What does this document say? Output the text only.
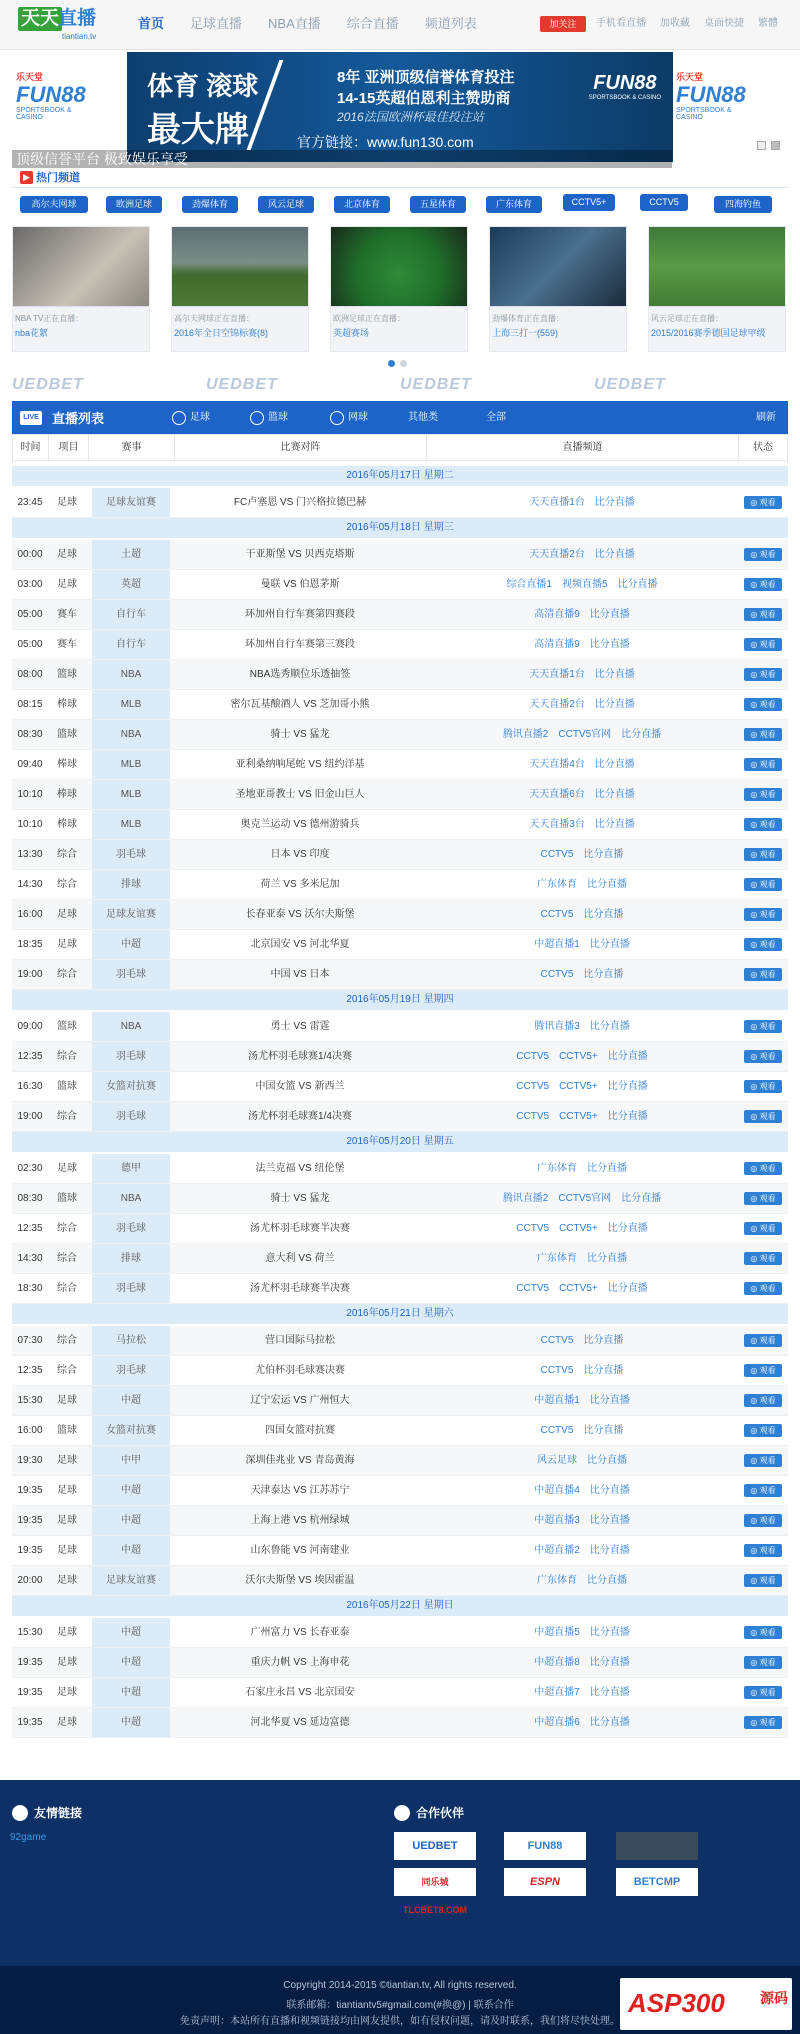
天天
直播
tiantian.tv
首页	足球直播	NBA直播	综合直播	频道列表	加关注	手机看直播 加收藏 桌面快捷 繁體
乐天堂
FUN88
SPORTSBOOK & CASINO
体育 滚球
最大牌
8年 亚洲顶级信誉体育投注
14-15英超伯恩利主赞助商
2016法国欧洲杯最佳投注站
官方链接：www.fun130.com
FUN88
SPORTSBOOK & CASINO
乐天堂
FUN88
SPORTSBOOK & CASINO
顶级信誉平台 极致娱乐享受
▶ 热门频道
高尔夫网球	欧洲足球	劲爆体育	风云足球	北京体育	五星体育	广东体育	CCTV5+	CCTV5	四海钓鱼
NBA TV正在直播：
nba花絮
高尔夫网球正在直播：
2016年全日空锦标赛(8)
欧洲足球正在直播：
英超赛场
劲爆体育正在直播：
上海三打一(559)
风云足球正在直播：
2015/2016赛季德国足球甲级
UEDBET	UEDBET	UEDBET	UEDBET
LIVE 直播列表	足球	篮球	网球	其他类	全部	刷新
时间	项目	赛事	比赛对阵	直播频道	状态
2016年05月17日 星期二
23:45	足球	足球友谊赛	FC卢塞恩 VS 门兴格拉德巴赫	天天直播1台 比分直播	◎ 观看
2016年05月18日 星期三
00:00	足球	土超	干亚斯堡 VS 贝西克塔斯	天天直播2台 比分直播	◎ 观看
03:00	足球	英超	曼联 VS 伯恩茅斯	综合直播1 视频直播5 比分直播	◎ 观看
05:00	赛车	自行车	环加州自行车赛第四赛段	高清直播9 比分直播	◎ 观看
05:00	赛车	自行车	环加州自行车赛第三赛段	高清直播9 比分直播	◎ 观看
08:00	篮球	NBA	NBA选秀顺位乐透抽签	天天直播1台 比分直播	◎ 观看
08:15	棒球	MLB	密尔瓦基酿酒人 VS 芝加哥小熊	天天直播2台 比分直播	◎ 观看
08:30	篮球	NBA	骑士 VS 猛龙	腾讯直播2 CCTV5官网 比分直播	◎ 观看
09:40	棒球	MLB	亚利桑纳响尾蛇 VS 纽约洋基	天天直播4台 比分直播	◎ 观看
10:10	棒球	MLB	圣地亚哥教士 VS 旧金山巨人	天天直播6台 比分直播	◎ 观看
10:10	棒球	MLB	奥克兰运动 VS 德州游骑兵	天天直播3台 比分直播	◎ 观看
13:30	综合	羽毛球	日本 VS 印度	CCTV5 比分直播	◎ 观看
14:30	综合	排球	荷兰 VS 多米尼加	广东体育 比分直播	◎ 观看
16:00	足球	足球友谊赛	长春亚泰 VS 沃尔夫斯堡	CCTV5 比分直播	◎ 观看
18:35	足球	中超	北京国安 VS 河北华夏	中超直播1 比分直播	◎ 观看
19:00	综合	羽毛球	中国 VS 日本	CCTV5 比分直播	◎ 观看
2016年05月19日 星期四
09:00	篮球	NBA	勇士 VS 雷霆	腾讯直播3 比分直播	◎ 观看
12:35	综合	羽毛球	汤尤杯羽毛球赛1/4决赛	CCTV5 CCTV5+ 比分直播	◎ 观看
16:30	篮球	女篮对抗赛	中国女篮 VS 新西兰	CCTV5 CCTV5+ 比分直播	◎ 观看
19:00	综合	羽毛球	汤尤杯羽毛球赛1/4决赛	CCTV5 CCTV5+ 比分直播	◎ 观看
2016年05月20日 星期五
02:30	足球	德甲	法兰克福 VS 纽伦堡	广东体育 比分直播	◎ 观看
08:30	篮球	NBA	骑士 VS 猛龙	腾讯直播2 CCTV5官网 比分直播	◎ 观看
12:35	综合	羽毛球	汤尤杯羽毛球赛半决赛	CCTV5 CCTV5+ 比分直播	◎ 观看
14:30	综合	排球	意大利 VS 荷兰	广东体育 比分直播	◎ 观看
18:30	综合	羽毛球	汤尤杯羽毛球赛半决赛	CCTV5 CCTV5+ 比分直播	◎ 观看
2016年05月21日 星期六
07:30	综合	马拉松	营口国际马拉松	CCTV5 比分直播	◎ 观看
12:35	综合	羽毛球	尤伯杯羽毛球赛决赛	CCTV5 比分直播	◎ 观看
15:30	足球	中超	辽宁宏运 VS 广州恒大	中超直播1 比分直播	◎ 观看
16:00	篮球	女篮对抗赛	四国女篮对抗赛	CCTV5 比分直播	◎ 观看
19:30	足球	中甲	深圳佳兆业 VS 青岛黄海	风云足球 比分直播	◎ 观看
19:35	足球	中超	天津泰达 VS 江苏苏宁	中超直播4 比分直播	◎ 观看
19:35	足球	中超	上海上港 VS 杭州绿城	中超直播3 比分直播	◎ 观看
19:35	足球	中超	山东鲁能 VS 河南建业	中超直播2 比分直播	◎ 观看
20:00	足球	足球友谊赛	沃尔夫斯堡 VS 埃因霍温	广东体育 比分直播	◎ 观看
2016年05月22日 星期日
15:30	足球	中超	广州富力 VS 长春亚泰	中超直播5 比分直播	◎ 观看
19:35	足球	中超	重庆力帆 VS 上海申花	中超直播8 比分直播	◎ 观看
19:35	足球	中超	石家庄永昌 VS 北京国安	中超直播7 比分直播	◎ 观看
19:35	足球	中超	河北华夏 VS 延边富德	中超直播6 比分直播	◎ 观看
友情链接
92game
合作伙伴
UEDBET	FUN88
同乐城 TLCBET8.COM
ESPN	BETCMP
Copyright 2014-2015 ©tiantian.tv, All rights reserved.
联系邮箱：tiantiantv5#gmail.com(#换@) | 联系合作
免责声明：本站所有直播和视频链接均由网友提供，如有侵权问题，请及时联系，我们将尽快处理。
ASP300	源码
